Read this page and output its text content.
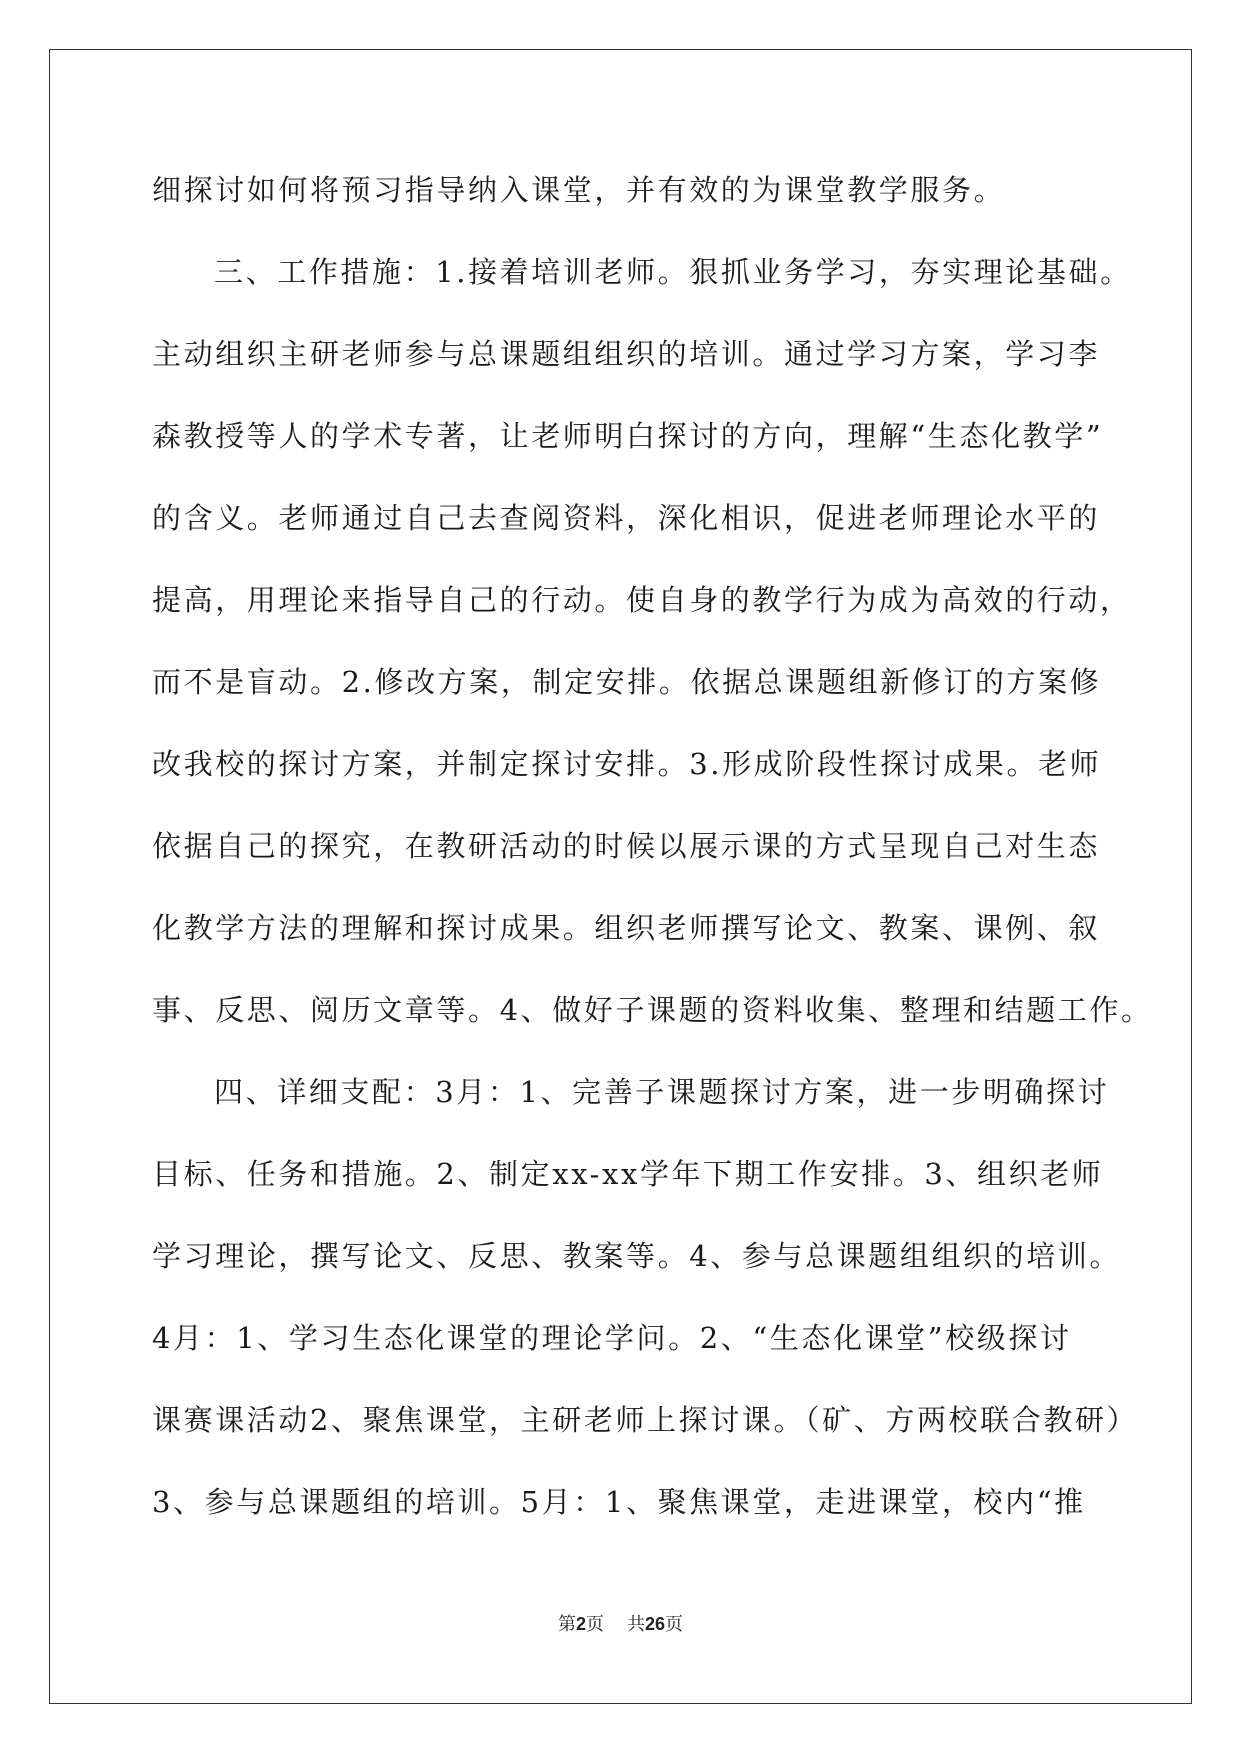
细探讨如何将预习指导纳入课堂，并有效的为课堂教学服务。
三、工作措施：1.接着培训老师。狠抓业务学习，夯实理论基础。
主动组织主研老师参与总课题组组织的培训。通过学习方案，学习李
森教授等人的学术专著，让老师明白探讨的方向，理解“生态化教学”
的含义。老师通过自己去查阅资料，深化相识，促进老师理论水平的
提高，用理论来指导自己的行动。使自身的教学行为成为高效的行动，
而不是盲动。2.修改方案，制定安排。依据总课题组新修订的方案修
改我校的探讨方案，并制定探讨安排。3.形成阶段性探讨成果。老师
依据自己的探究，在教研活动的时候以展示课的方式呈现自己对生态
化教学方法的理解和探讨成果。组织老师撰写论文、教案、课例、叙
事、反思、阅历文章等。4、做好子课题的资料收集、整理和结题工作。
四、详细支配：3月：1、完善子课题探讨方案，进一步明确探讨
目标、任务和措施。2、制定xx-xx学年下期工作安排。3、组织老师
学习理论，撰写论文、反思、教案等。4、参与总课题组组织的培训。
4月：1、学习生态化课堂的理论学问。2、“生态化课堂”校级探讨
课赛课活动2、聚焦课堂，主研老师上探讨课。（矿、方两校联合教研）
3、参与总课题组的培训。5月：1、聚焦课堂，走进课堂，校内“推
第2页 共26页
